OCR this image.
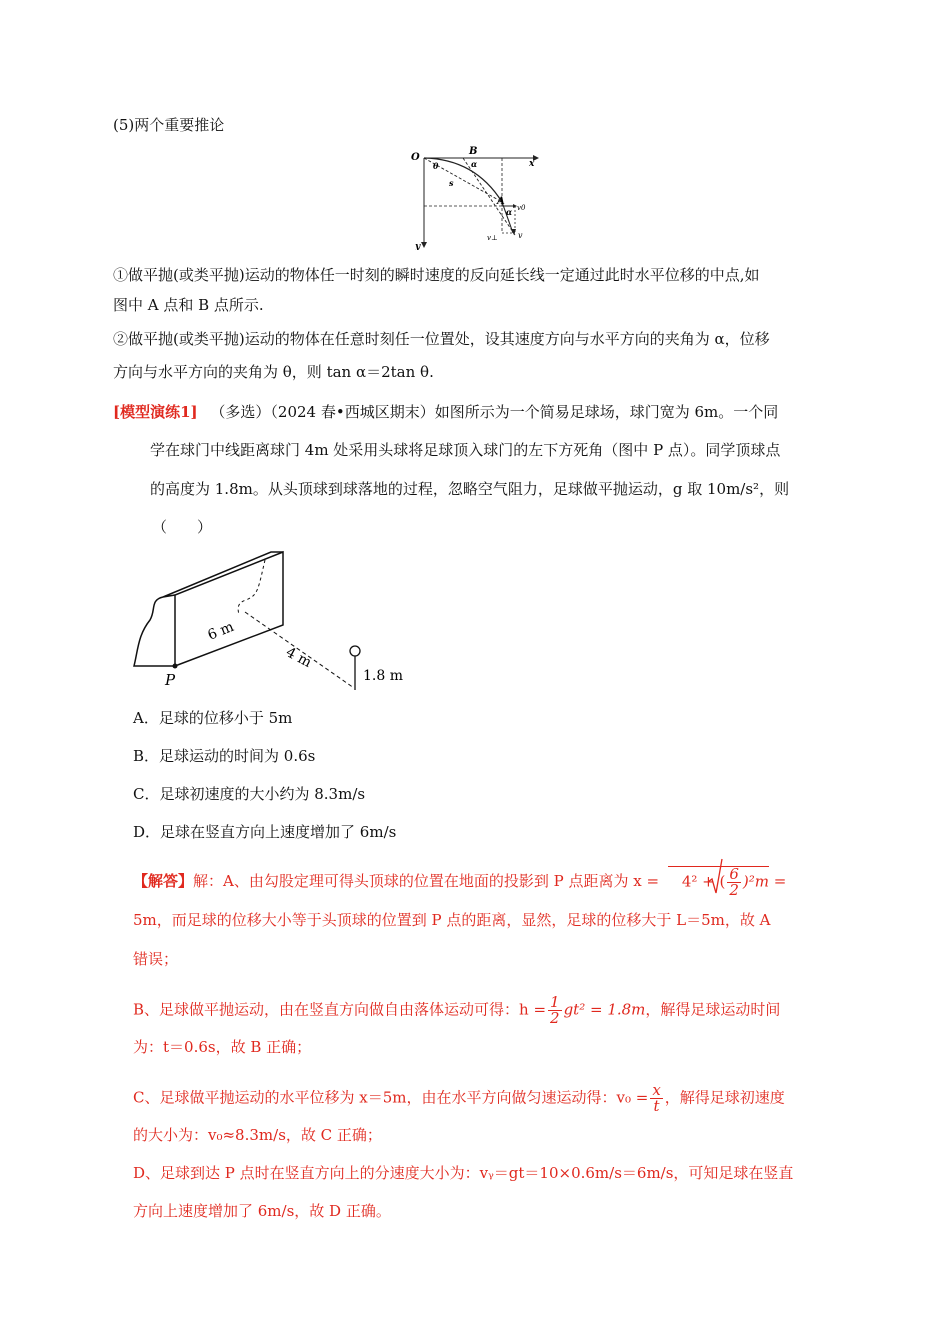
(5)两个重要推论
O
B
x
θ	α
s
A
v0
α
v⊥	v
y
①做平抛(或类平抛)运动的物体任一时刻的瞬时速度的反向延长线一定通过此时水平位移的中点,如
图中 A 点和 B 点所示.
②做平抛(或类平抛)运动的物体在任意时刻任一位置处，设其速度方向与水平方向的夹角为 α，位移
方向与水平方向的夹角为 θ，则 tan α＝2tan θ.
[模型演练1] （多选）（2024 春•西城区期末）如图所示为一个简易足球场，球门宽为 6m。一个同
学在球门中线距离球门 4m 处采用头球将足球顶入球门的左下方死角（图中 P 点）。同学顶球点
的高度为 1.8m。从头顶球到球落地的过程，忽略空气阻力，足球做平抛运动，g 取 10m/s²，则
（　　）
6 m
4 m
1.8 m
P
A．足球的位移小于 5m
B．足球运动的时间为 0.6s
C．足球初速度的大小约为 8.3m/s
D．足球在竖直方向上速度增加了 6m/s
【解答】解：A、由勾股定理可得头顶球的位置在地面的投影到 P 点距离为 x = 4² + ( $\frac{6}{2} )^2m$ =
5m，而足球的位移大小等于头顶球的位置到 P 点的距离，显然，足球的位移大于 L＝5m，故 A
错误；
B、足球做平抛运动，由在竖直方向做自由落体运动可得：$h = \frac{1}{2} gt^2 = 1.8m$，解得足球运动时间
为：t＝0.6s，故 B 正确；
C、足球做平抛运动的水平位移为 x＝5m，由在水平方向做匀速运动得：$v_0 = \frac{x}{t}$ ，解得足球初速度
的大小为：v₀≈8.3m/s，故 C 正确；
D、足球到达 P 点时在竖直方向上的分速度大小为：vᵧ＝gt＝10×0.6m/s＝6m/s，可知足球在竖直
方向上速度增加了 6m/s，故 D 正确。
